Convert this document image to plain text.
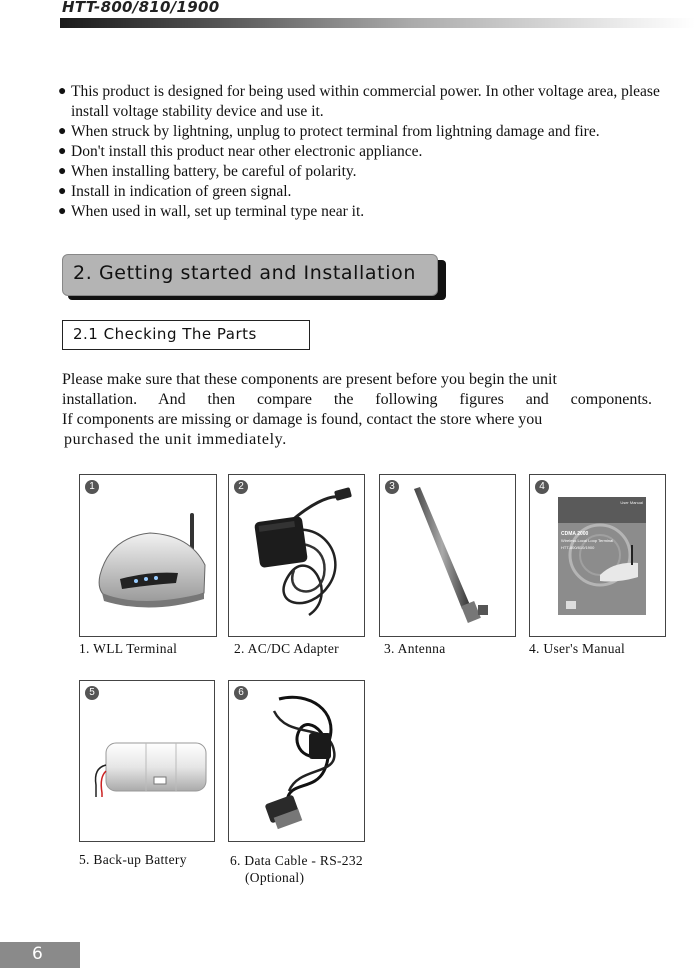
HTT-800/810/1900
● This product is designed for being used within commercial power. In other voltage area, please install voltage stability device and use it.
● When struck by lightning, unplug to protect terminal from lightning damage and fire.
● Don't install this product near other electronic appliance.
● When installing battery, be careful of polarity.
● Install in indication of green signal.
● When used in wall, set up terminal type near it.
2. Getting started and Installation
2.1 Checking The Parts

Please make sure that these components are present before you begin the unit
installation. And then compare the following figures and components.
If components are missing or damage is found, contact the store where you
purchased the unit immediately.

1
1. WLL Terminal
2
2. AC/DC Adapter
3
3. Antenna
4
User Manual
CDMA 2000
Wireless Local Loop Terminal
HTT-800/810/1900
4. User's Manual
5
5. Back-up Battery
6
6. Data Cable - RS-232
(Optional)
6
